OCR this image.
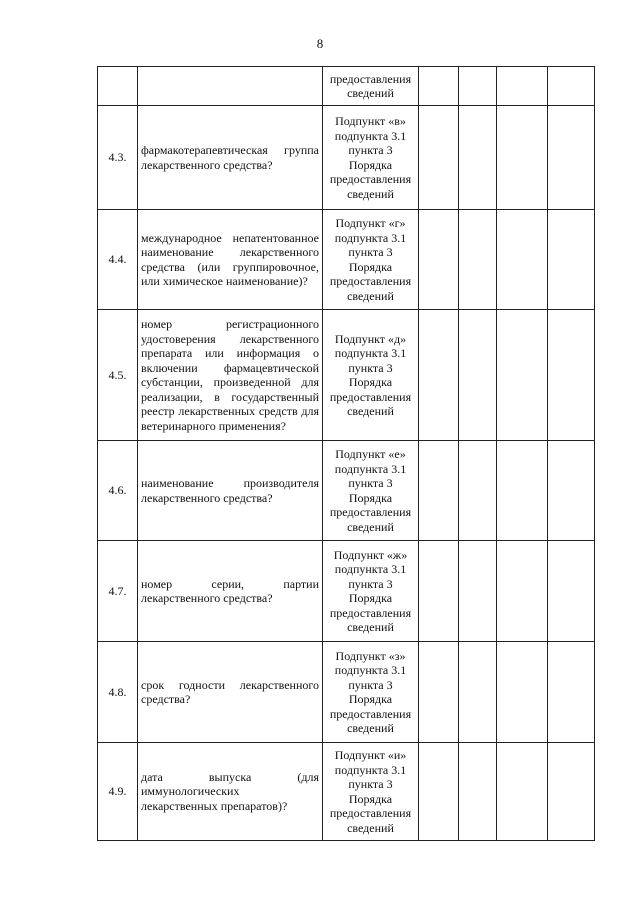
8
		предоставления сведений				
4.3.	фармакотерапевтическая группа лекарственного средства?	Подпункт «в» подпункта 3.1 пункта 3 Порядка предоставления сведений				
4.4.	международное непатентованное наименование лекарственного средства (или группировочное, или химическое наименование)?	Подпункт «г» подпункта 3.1 пункта 3 Порядка предоставления сведений				
4.5.	номер регистрационного удостоверения лекарственного препарата или информация о включении фармацевтической субстанции, произведенной для реализации, в государственный реестр лекарственных средств для ветеринарного применения?	Подпункт «д» подпункта 3.1 пункта 3 Порядка предоставления сведений				
4.6.	наименование производителя лекарственного средства?	Подпункт «е» подпункта 3.1 пункта 3 Порядка предоставления сведений				
4.7.	номер серии, партии лекарственного средства?	Подпункт «ж» подпункта 3.1 пункта 3 Порядка предоставления сведений				
4.8.	срок годности лекарственного средства?	Подпункт «з» подпункта 3.1 пункта 3 Порядка предоставления сведений				
4.9.	дата выпуска (для иммунологических лекарственных препаратов)?	Подпункт «и» подпункта 3.1 пункта 3 Порядка предоставления сведений				
